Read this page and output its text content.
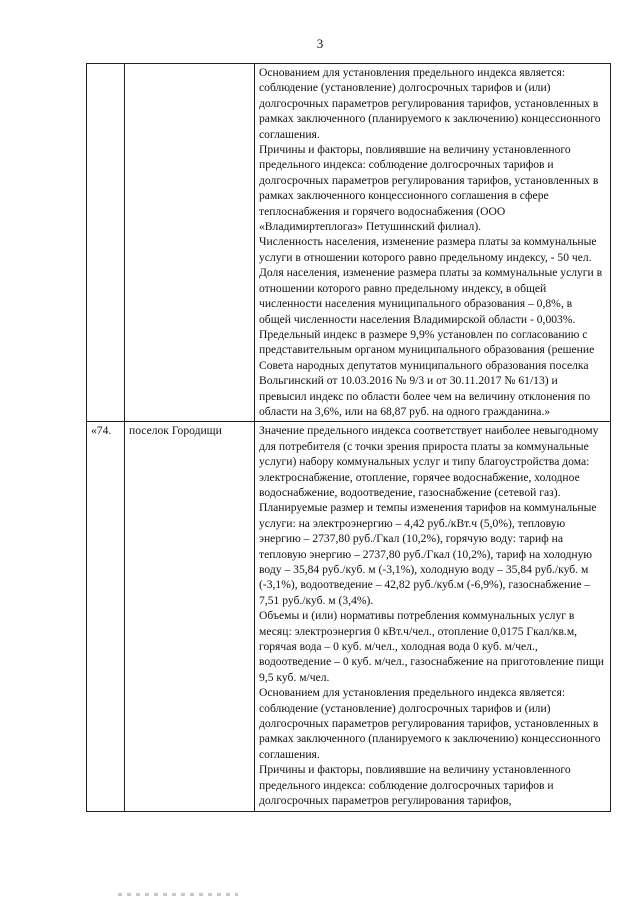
3

		Основанием для установления предельного индекса является: соблюдение (установление) долгосрочных тарифов и (или) долгосрочных параметров регулирования тарифов, установленных в рамках заключенного (планируемого к заключению) концессионного соглашения.

Причины и факторы, повлиявшие на величину установленного предельного индекса: соблюдение долгосрочных тарифов и долгосрочных параметров регулирования тарифов, установленных в рамках заключенного концессионного соглашения в сфере теплоснабжения и горячего водоснабжения (ООО «Владимиртеплогаз» Петушинский филиал).

Численность населения, изменение размера платы за коммунальные услуги в отношении которого равно предельному индексу, - 50 чел.

Доля населения, изменение размера платы за коммунальные услуги в отношении которого равно предельному индексу, в общей численности населения муниципального образования – 0,8%, в общей численности населения Владимирской области - 0,003%.

Предельный индекс в размере 9,9% установлен по согласованию с представительным органом муниципального образования (решение Совета народных депутатов муниципального образования поселка Вольгинский от 10.03.2016 № 9/3 и от 30.11.2017 № 61/13) и превысил индекс по области более чем на величину отклонения по области на 3,6%, или на 68,87 руб. на одного гражданина.»

«74.	поселок Городищи	Значение предельного индекса соответствует наиболее невыгодному для потребителя (с точки зрения прироста платы за коммунальные услуги) набору коммунальных услуг и типу благоустройства дома: электроснабжение, отопление, горячее водоснабжение, холодное водоснабжение, водоотведение, газоснабжение (сетевой газ).

Планируемые размер и темпы изменения тарифов на коммунальные услуги: на электроэнергию – 4,42 руб./кВт.ч (5,0%), тепловую энергию – 2737,80 руб./Гкал (10,2%), горячую воду: тариф на тепловую энергию – 2737,80 руб./Гкал (10,2%), тариф на холодную воду – 35,84 руб./куб. м (-3,1%), холодную воду – 35,84 руб./куб. м (-3,1%), водоотведение – 42,82 руб./куб.м (-6,9%), газоснабжение – 7,51 руб./куб. м (3,4%).

Объемы и (или) нормативы потребления коммунальных услуг в месяц: электроэнергия 0 кВт.ч/чел., отопление 0,0175 Гкал/кв.м, горячая вода – 0 куб. м/чел., холодная вода 0 куб. м/чел., водоотведение – 0 куб. м/чел., газоснабжение на приготовление пищи 9,5 куб. м/чел.

Основанием для установления предельного индекса является: соблюдение (установление) долгосрочных тарифов и (или) долгосрочных параметров регулирования тарифов, установленных в рамках заключенного (планируемого к заключению) концессионного соглашения.

Причины и факторы, повлиявшие на величину установленного предельного индекса: соблюдение долгосрочных тарифов и долгосрочных параметров регулирования тарифов,
